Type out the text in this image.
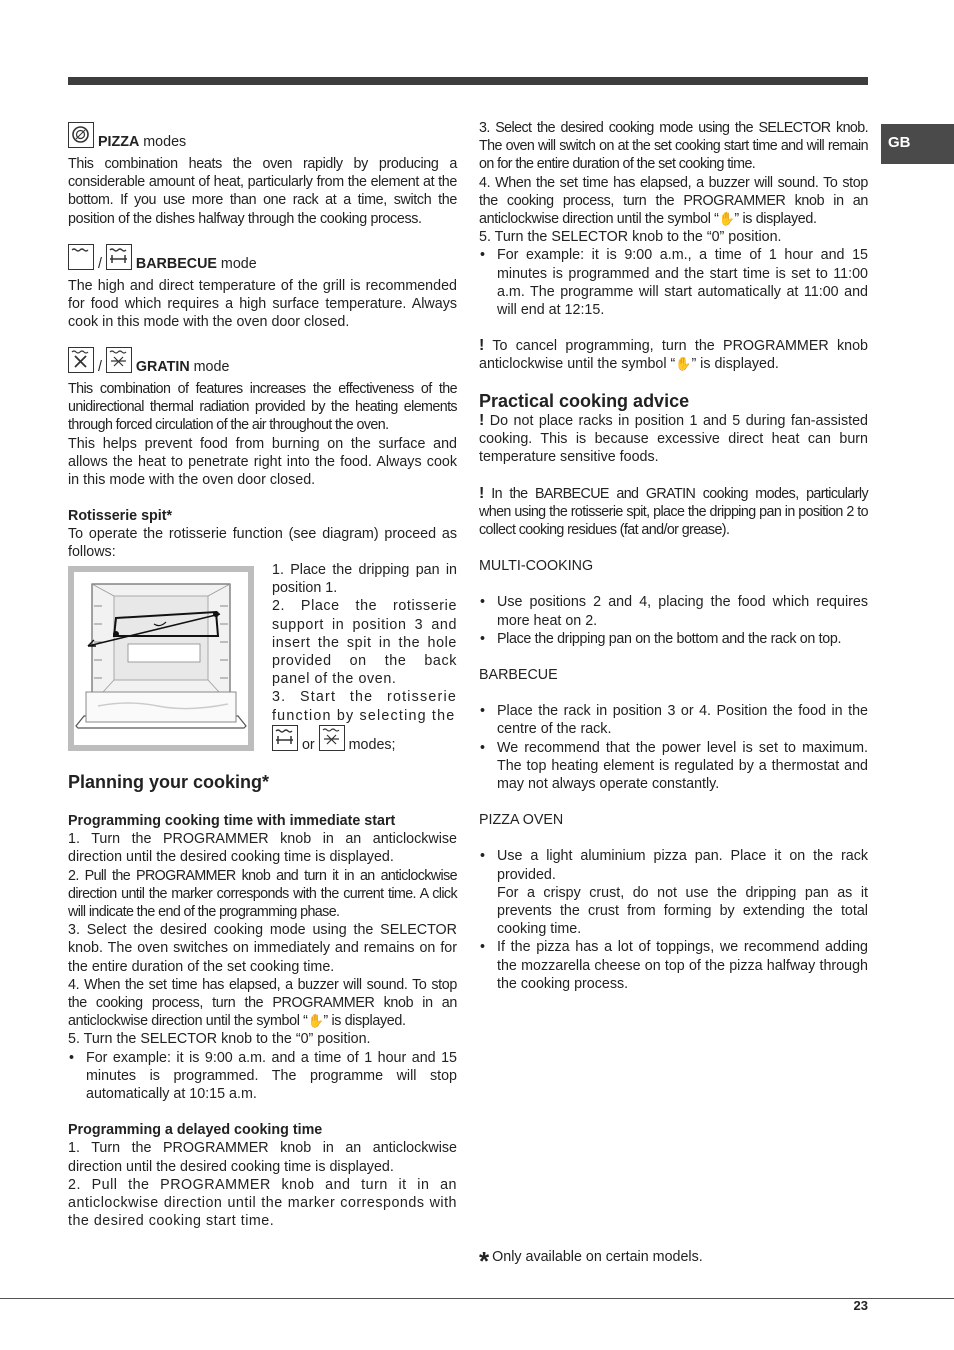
GB
PIZZA modes

This combination heats the oven rapidly by producing a considerable amount of heat, particularly from the element at the bottom. If you use more than one rack at a time, switch the position of the dishes halfway through the cooking process.

/
BARBECUE mode

The high and direct temperature of the grill is recommended for food which requires a high surface temperature. Always cook in this mode with the oven door closed.

/
GRATIN mode

This combination of features increases the effectiveness of the unidirectional thermal radiation provided by the heating elements through forced circulation of the air throughout the oven.

This helps prevent food from burning on the surface and allows the heat to penetrate right into the food. Always cook in this mode with the oven door closed.

Rotisserie spit*

To operate the rotisserie function (see diagram) proceed as follows:

1. Place the dripping pan in position 1.

2. Place the rotisserie support in position 3 and insert the spit in the hole provided on the back panel of the oven.

3. Start the rotisserie function by selecting the

or
modes;
Planning your cooking*
Programming cooking time with immediate start

1. Turn the PROGRAMMER knob in an anticlockwise direction until the desired cooking time is displayed.

2. Pull the PROGRAMMER knob and turn it in an anticlockwise direction until the marker corresponds with the current time. A click will indicate the end of the programming phase.

3. Select the desired cooking mode using the SELECTOR knob. The oven switches on immediately and remains on for the entire duration of the set cooking time.

4. When the set time has elapsed, a buzzer will sound. To stop the cooking process, turn the PROGRAMMER knob in an anticlockwise direction until the symbol “✋” is displayed.

5. Turn the SELECTOR knob to the “0” position.

• For example: it is 9:00 a.m. and a time of 1 hour and 15 minutes is programmed. The programme will stop automatically at 10:15 a.m.
Programming a delayed cooking time

1. Turn the PROGRAMMER knob in an anticlockwise direction until the desired cooking time is displayed.

2. Pull the PROGRAMMER knob and turn it in an anticlockwise direction until the marker corresponds with the desired cooking start time.

3. Select the desired cooking mode using the SELECTOR knob. The oven will switch on at the set cooking start time and will remain on for the entire duration of the set cooking time.

4. When the set time has elapsed, a buzzer will sound. To stop the cooking process, turn the PROGRAMMER knob in an anticlockwise direction until the symbol “✋” is displayed.

5. Turn the SELECTOR knob to the “0” position.

• For example: it is 9:00 a.m., a time of 1 hour and 15 minutes is programmed and the start time is set to 11:00 a.m. The programme will start automatically at 11:00 and will end at 12:15.

! To cancel programming, turn the PROGRAMMER knob anticlockwise until the symbol “✋” is displayed.

Practical cooking advice

! Do not place racks in position 1 and 5 during fan-assisted cooking. This is because excessive direct heat can burn temperature sensitive foods.

! In the BARBECUE and GRATIN cooking modes, particularly when using the rotisserie spit, place the dripping pan in position 2 to collect cooking residues (fat and/or grease).

MULTI-COOKING

• Use positions 2 and 4, placing the food which requires more heat on 2.
• Place the dripping pan on the bottom and the rack on top.

BARBECUE

• Place the rack in position 3 or 4. Position the food in the centre of the rack.
• We recommend that the power level is set to maximum. The top heating element is regulated by a thermostat and may not always operate constantly.

PIZZA OVEN

• Use a light aluminium pizza pan. Place it on the rack provided.
For a crispy crust, do not use the dripping pan as it prevents the crust from forming by extending the total cooking time.
• If the pizza has a lot of toppings, we recommend adding the mozzarella cheese on top of the pizza halfway through the cooking process.
* Only available on certain models.
23
